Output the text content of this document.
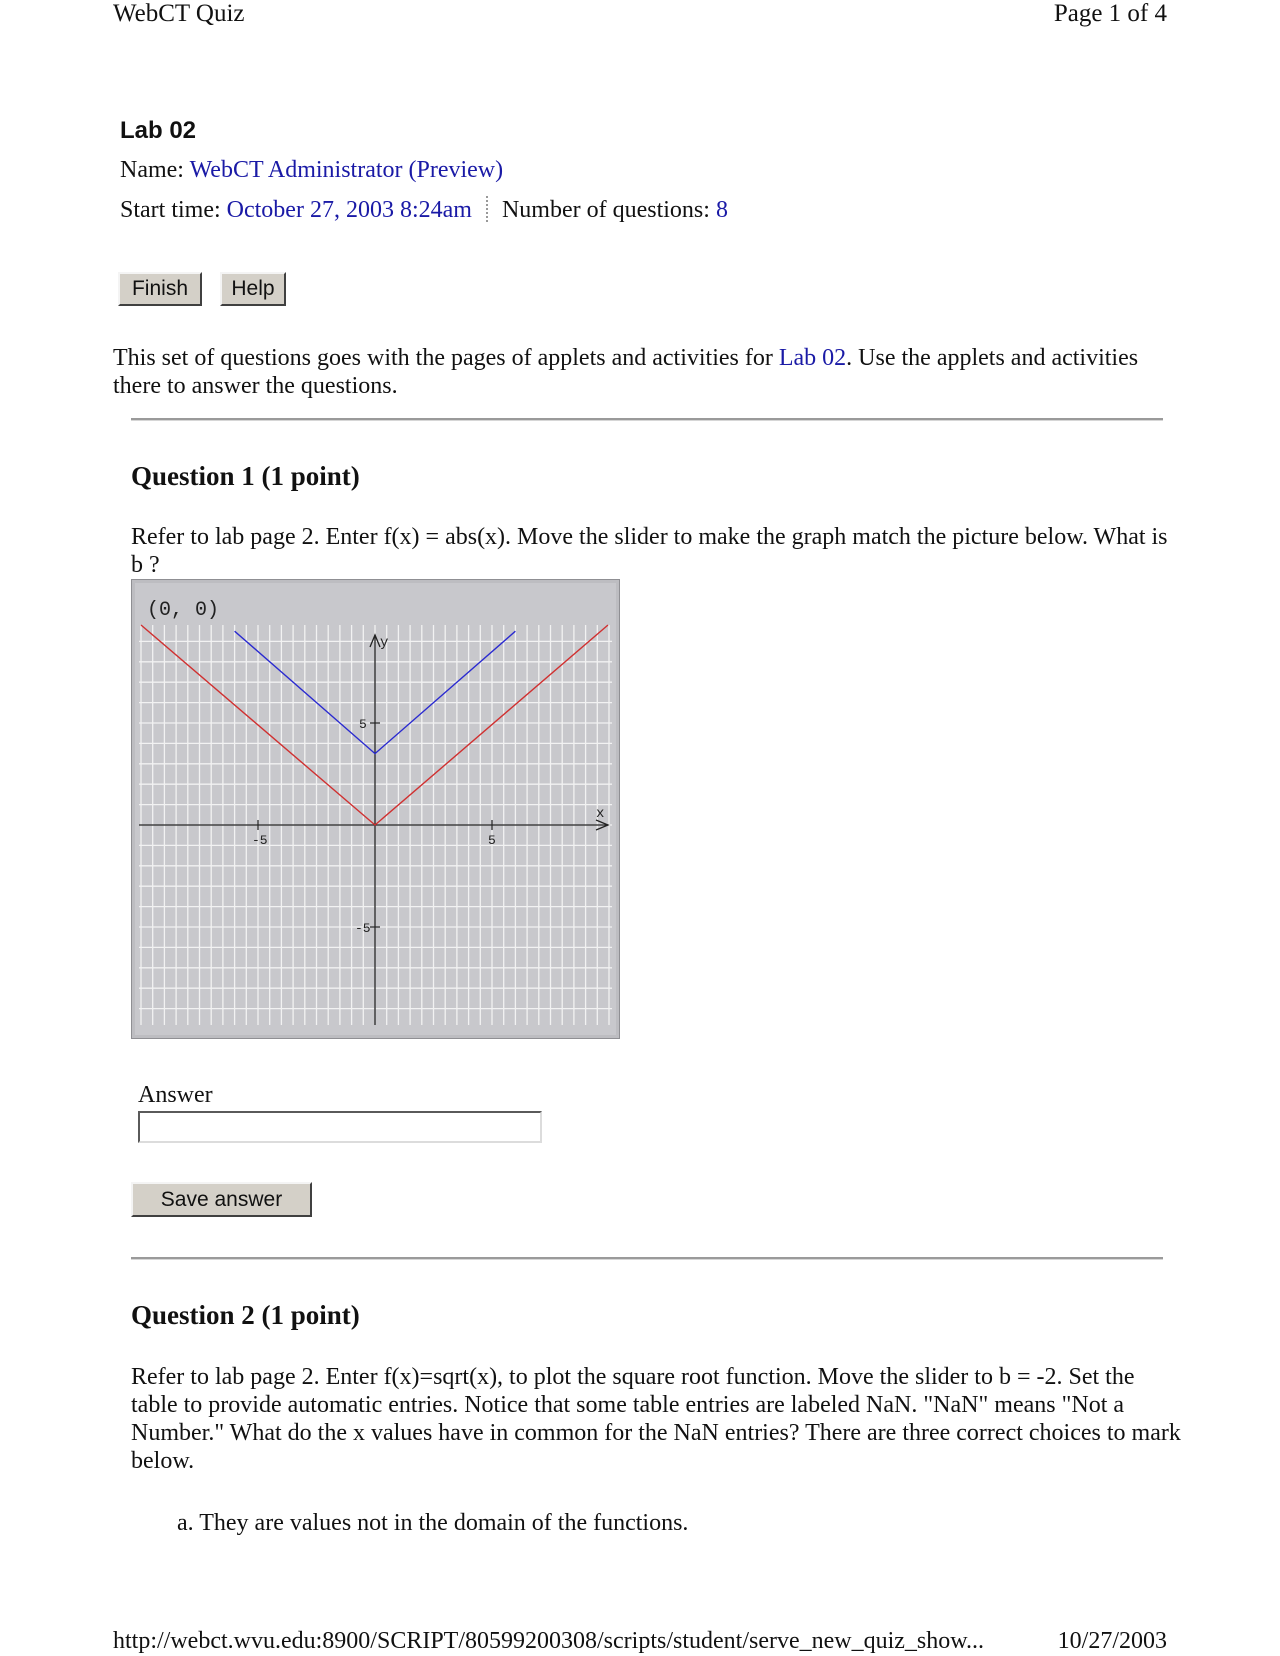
WebCT Quiz	Page 1 of 4
Lab 02
Name: WebCT Administrator (Preview)
Start time: October 27, 2003 8:24am Number of questions: 8
Finish	Help
This set of questions goes with the pages of applets and activities for Lab 02. Use the applets and activities there to answer the questions.
Question 1 (1 point)
Refer to lab page 2. Enter f(x) = abs(x). Move the slider to make the graph match the picture below. What is b ?
(0, 0)
y
x
-5	5
5
-5
Answer
Save answer
Question 2 (1 point)
Refer to lab page 2. Enter f(x)=sqrt(x), to plot the square root function. Move the slider to b = -2. Set the table to provide automatic entries. Notice that some table entries are labeled NaN. "NaN" means "Not a Number." What do the x values have in common for the NaN entries? There are three correct choices to mark below.
a. They are values not in the domain of the functions.
http://webct.wvu.edu:8900/SCRIPT/80599200308/scripts/student/serve_new_quiz_show...	10/27/2003
